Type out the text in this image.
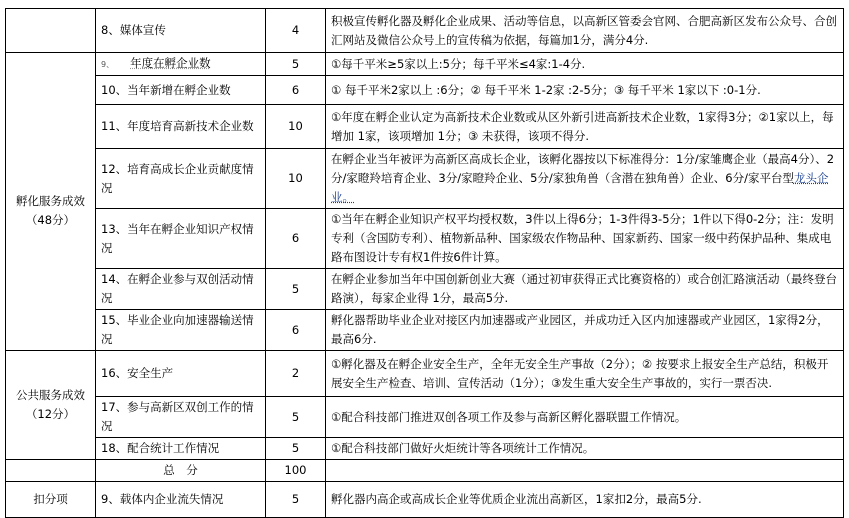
	8、媒体宣传	4	积极宣传孵化器及孵化企业成果、活动等信息，以高新区管委会官网、合肥高新区发布公众号、合创汇网站及微信公众号上的宣传稿为依据，每篇加1分，满分4分.
孵化服务成效（48分）	9、 年度在孵企业数	5	①每千平米≥5家以上:5分；每千平米≤4家:1-4分.
	10、当年新增在孵企业数	6	① 每千平米2家以上 :6分；② 每千平米 1-2家 :2-5分；③ 每千平米 1家以下 :0-1分.
	11、年度培育高新技术企业数	10	①年度在孵企业认定为高新技术企业数或从区外新引进高新技术企业数，1家得3分；②1家以上，每增加 1家，该项增加 1分；③ 未获得，该项不得分.
	12、培育高成长企业贡献度情况	10	在孵企业当年被评为高新区高成长企业，该孵化器按以下标准得分：1分/家雏鹰企业（最高4分）、2分/家瞪羚培育企业、3分/家瞪羚企业、5分/家独角兽（含潜在独角兽）企业、6分/家平台型龙头企业。
	13、当年在孵企业知识产权情况	6	①当年在孵企业知识产权平均授权数，3件以上得6分；1-3件得3-5分；1件以下得0-2分；注：发明专利（含国防专利）、植物新品种、国家级农作物品种、国家新药、国家一级中药保护品种、集成电路布图设计专有权1件按6件计算。
	14、在孵企业参与双创活动情况	5	在孵企业参加当年中国创新创业大赛（通过初审获得正式比赛资格的）或合创汇路演活动（最终登台路演），每家企业得 1分，最高5分.
	15、毕业企业向加速器输送情况	6	孵化器帮助毕业企业对接区内加速器或产业园区，并成功迁入区内加速器或产业园区，1家得2分，最高6分.
公共服务成效（12分）	16、安全生产	2	①孵化器及在孵企业安全生产，全年无安全生产事故（2分）；② 按要求上报安全生产总结，积极开展安全生产检查、培训、宣传活动（1分）；③发生重大安全生产事故的，实行一票否决.
	17、参与高新区双创工作的情况	5	①配合科技部门推进双创各项工作及参与高新区孵化器联盟工作情况。
	18、配合统计工作情况	5	①配合科技部门做好火炬统计等各项统计工作情况。
	总　分	100	
扣分项	9、载体内企业流失情况	5	孵化器内高企或高成长企业等优质企业流出高新区，1家扣2分，最高5分.
